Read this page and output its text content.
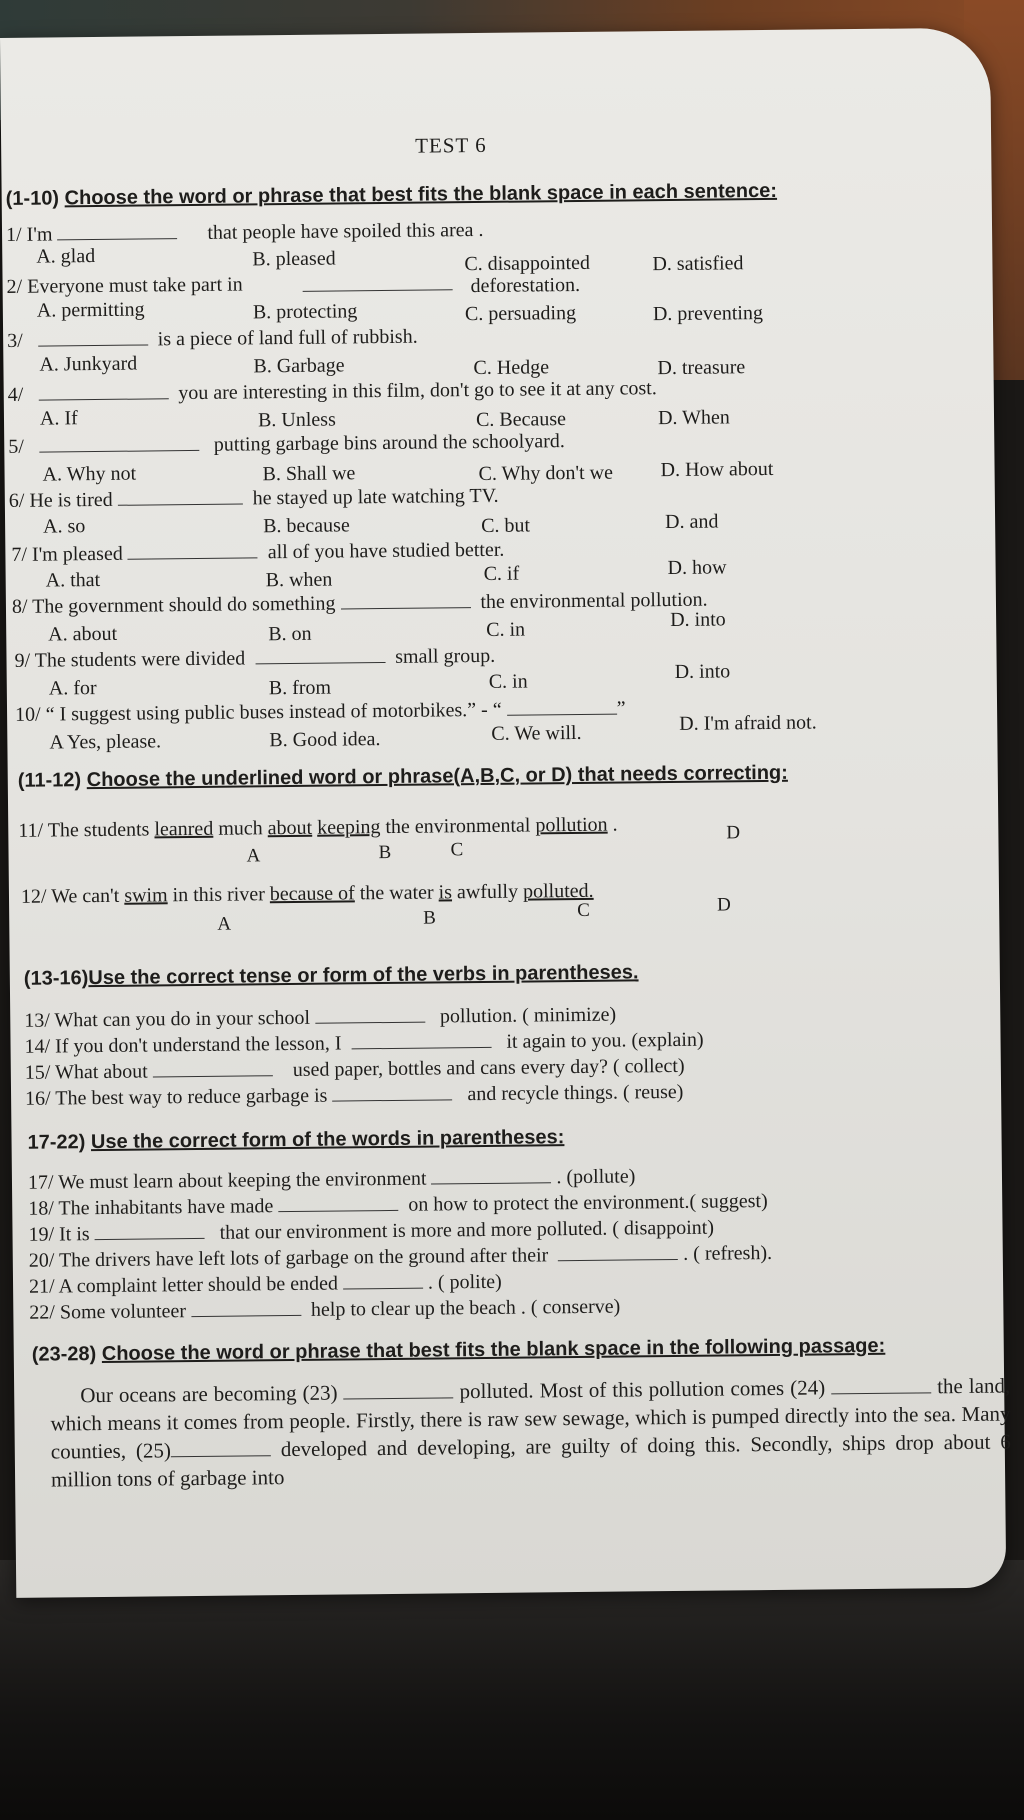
TEST 6
(1-10) Choose the word or phrase that best fits the blank space in each sentence:
1/ I'm	that people have spoiled this area .
A. glad	B. pleased	C. disappointed	D. satisfied
2/ Everyone must take part in	deforestation.
A. permitting	B. protecting	C. persuading	D. preventing
3/	is a piece of land full of rubbish.
A. Junkyard	B. Garbage	C. Hedge	D. treasure
4/	you are interesting in this film, don't go to see it at any cost.
A. If	B. Unless	C. Because	D. When
5/	putting garbage bins around the schoolyard.
A. Why not	B. Shall we	C. Why don't we D. How about
6/ He is tired	he stayed up late watching TV.
A. so	B. because	C. but	D. and
7/ I'm pleased	all of you have studied better.
A. that	B. when	C. if	D. how
8/ The government should do something	the environmental pollution.
A. about	B. on	C. in	D. into
9/ The students were divided	small group.
A. for	B. from	C. in	D. into
10/ “ I suggest using public buses instead of motorbikes.” - “	”
A Yes, please.	B. Good idea.	C. We will.	D. I'm afraid not.
(11-12) Choose the underlined word or phrase(A,B,C, or D) that needs correcting:
11/ The students leanred much about keeping the environmental pollution .
A	B	C
D
12/ We can't swim in this river because of the water is awfully polluted.
A	B	C	D
(13-16)Use the correct tense or form of the verbs in parentheses.
13/ What can you do in your school	pollution. ( minimize)
14/ If you don't understand the lesson, I	it again to you. (explain)
15/ What about	used paper, bottles and cans every day? ( collect)
16/ The best way to reduce garbage is	and recycle things. ( reuse)
17-22) Use the correct form of the words in parentheses:
17/ We must learn about keeping the environment	. (pollute)
18/ The inhabitants have made	on how to protect the environment.( suggest)
19/ It is	that our environment is more and more polluted. ( disappoint)
20/ The drivers have left lots of garbage on the ground after their	. ( refresh).
21/ A complaint letter should be ended	. ( polite)
22/ Some volunteer	help to clear up the beach . ( conserve)
(23-28) Choose the word or phrase that best fits the blank space in the following passage:
Our oceans are becoming (23)	polluted. Most of this pollution comes (24)	the land, which means it comes from people. Firstly, there is raw sew sewage, which is pumped directly into the sea. Many counties, (25)	developed and developing, are guilty of doing this. Secondly, ships drop about 6 million tons of garbage into
